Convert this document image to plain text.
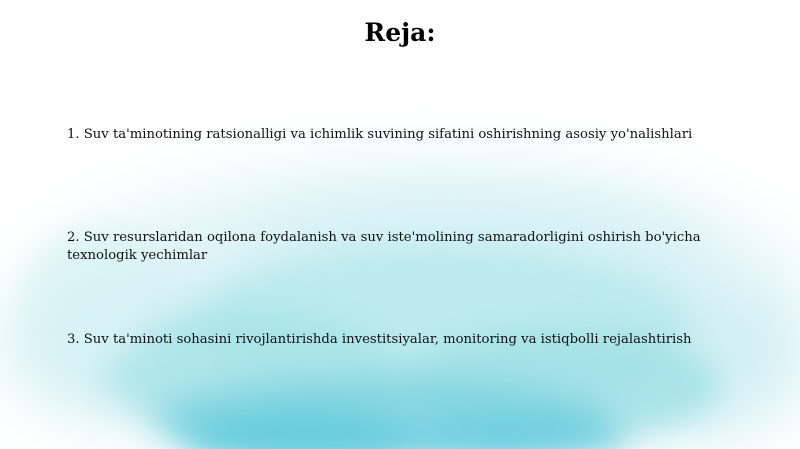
Reja:

1. Suv ta'minotining ratsionalligi va ichimlik suvining sifatini oshirishning asosiy yo'nalishlari

2. Suv resurslaridan oqilona foydalanish va suv iste'molining samaradorligini oshirish bo'yicha texnologik yechimlar

3. Suv ta'minoti sohasini rivojlantirishda investitsiyalar, monitoring va istiqbolli rejalashtirish
